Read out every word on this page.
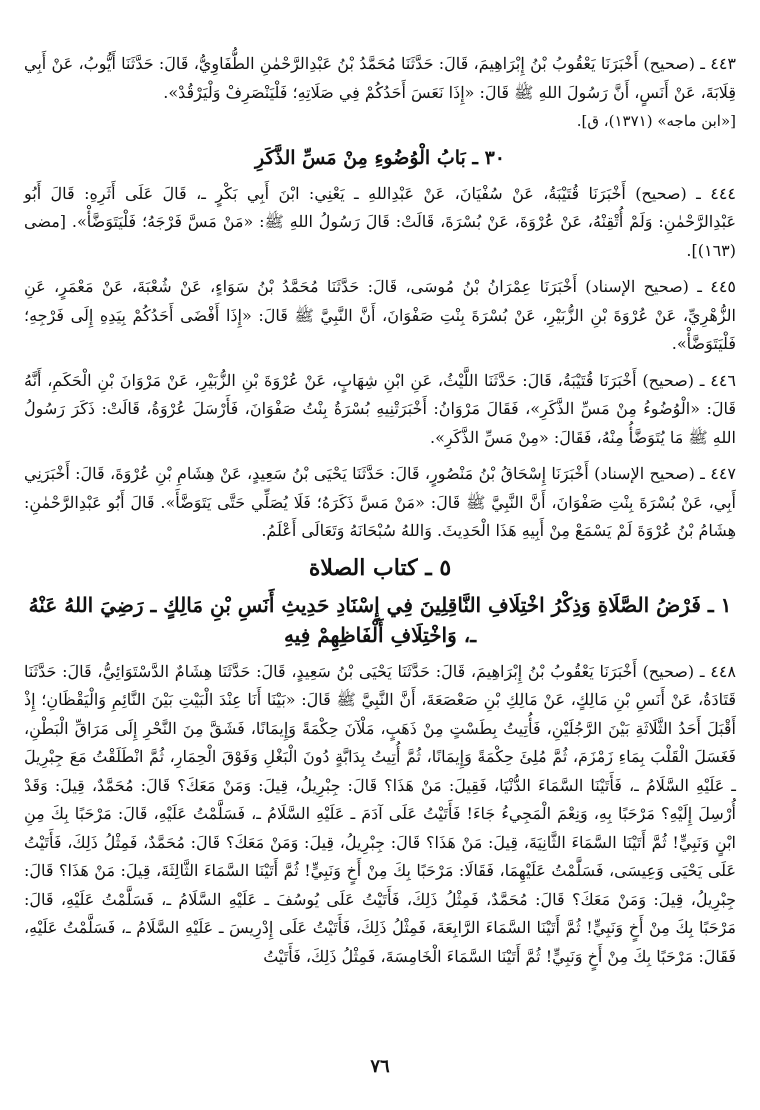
٤٤٣ ـ (صحيح) أَخْبَرَنَا يَعْقُوبُ بْنُ إِبْرَاهِيمَ، قَالَ: حَدَّثَنَا مُحَمَّدُ بْنُ عَبْدِالرَّحْمٰنِ الطُّفَاوِيُّ، قَالَ: حَدَّثَنَا أَيُّوبُ، عَنْ أَبِي قِلَابَةَ، عَنْ أَنَسٍ، أَنَّ رَسُولَ اللهِ ﷺ قَالَ: «إِذَا نَعَسَ أَحَدُكُمْ فِي صَلَاتِهِ؛ فَلْيَنْصَرِفْ وَلْيَرْقُدْ».
[«ابن ماجه» (١٣٧١)، ق].

٣٠ ـ بَابُ الْوُضُوءِ مِنْ مَسِّ الذَّكَرِ

٤٤٤ ـ (صحيح) أَخْبَرَنَا قُتَيْبَةُ، عَنْ سُفْيَانَ، عَنْ عَبْدِاللهِ ـ يَعْنِي: ابْنَ أَبِي بَكْرٍ ـ، قَالَ عَلَى أَثَرِهِ: قَالَ أَبُو عَبْدِالرَّحْمٰنِ: وَلَمْ أُتْقِنْهُ، عَنْ عُرْوَةَ، عَنْ بُسْرَةَ، قَالَتْ: قَالَ رَسُولُ اللهِ ﷺ: «مَنْ مَسَّ فَرْجَهُ؛ فَلْيَتَوَضَّأْ». [مضى (١٦٣)].

٤٤٥ ـ (صحيح الإسناد) أَخْبَرَنَا عِمْرَانُ بْنُ مُوسَى، قَالَ: حَدَّثَنَا مُحَمَّدُ بْنُ سَوَاءٍ، عَنْ شُعْبَةَ، عَنْ مَعْمَرٍ، عَنِ الزُّهْرِيِّ، عَنْ عُرْوَةَ بْنِ الزُّبَيْرِ، عَنْ بُسْرَةَ بِنْتِ صَفْوَانَ، أَنَّ النَّبِيَّ ﷺ قَالَ: «إِذَا أَفْضَى أَحَدُكُمْ بِيَدِهِ إِلَى فَرْجِهِ؛ فَلْيَتَوَضَّأْ».

٤٤٦ ـ (صحيح) أَخْبَرَنَا قُتَيْبَةُ، قَالَ: حَدَّثَنَا اللَّيْثُ، عَنِ ابْنِ شِهَابٍ، عَنْ عُرْوَةَ بْنِ الزُّبَيْرِ، عَنْ مَرْوَانَ بْنِ الْحَكَمِ، أَنَّهُ قَالَ: «الْوُضُوءُ مِنْ مَسِّ الذَّكَرِ»، فَقَالَ مَرْوَانُ: أَخْبَرَتْنِيهِ بُسْرَةُ بِنْتُ صَفْوَانَ، فَأَرْسَلَ عُرْوَةُ، قَالَتْ: ذَكَرَ رَسُولُ اللهِ ﷺ مَا يُتَوَضَّأُ مِنْهُ، فَقَالَ: «مِنْ مَسِّ الذَّكَرِ».

٤٤٧ ـ (صحيح الإسناد) أَخْبَرَنَا إِسْحَاقُ بْنُ مَنْصُورٍ، قَالَ: حَدَّثَنَا يَحْيَى بْنُ سَعِيدٍ، عَنْ هِشَامِ بْنِ عُرْوَةَ، قَالَ: أَخْبَرَنِي أَبِي، عَنْ بُسْرَةَ بِنْتِ صَفْوَانَ، أَنَّ النَّبِيَّ ﷺ قَالَ: «مَنْ مَسَّ ذَكَرَهُ؛ فَلَا يُصَلِّي حَتَّى يَتَوَضَّأَ». قَالَ أَبُو عَبْدِالرَّحْمٰنِ: هِشَامُ بْنُ عُرْوَةَ لَمْ يَسْمَعْ مِنْ أَبِيهِ هَذَا الْحَدِيثَ. وَاللهُ سُبْحَانَهُ وَتَعَالَى أَعْلَمُ.

٥ ـ كتاب الصلاة
١ ـ فَرْضُ الصَّلَاةِ وَذِكْرُ اخْتِلَافِ النَّاقِلِينَ فِي إِسْنَادِ حَدِيثِ أَنَسِ بْنِ مَالِكٍ ـ رَضِيَ اللهُ عَنْهُ ـ، وَاخْتِلَافِ أَلْفَاظِهِمْ فِيهِ

٤٤٨ ـ (صحيح) أَخْبَرَنَا يَعْقُوبُ بْنُ إِبْرَاهِيمَ، قَالَ: حَدَّثَنَا يَحْيَى بْنُ سَعِيدٍ، قَالَ: حَدَّثَنَا هِشَامٌ الدَّسْتَوَائِيُّ، قَالَ: حَدَّثَنَا قَتَادَةُ، عَنْ أَنَسِ بْنِ مَالِكٍ، عَنْ مَالِكِ بْنِ صَعْصَعَةَ، أَنَّ النَّبِيَّ ﷺ قَالَ: «بَيْنَا أَنَا عِنْدَ الْبَيْتِ بَيْنَ النَّائِمِ وَالْيَقْظَانِ؛ إِذْ أَقْبَلَ أَحَدُ الثَّلَاثَةِ بَيْنَ الرَّجُلَيْنِ، فَأُتِيتُ بِطَسْتٍ مِنْ ذَهَبٍ، مَلْآنَ حِكْمَةً وَإِيمَانًا، فَشَقَّ مِنَ النَّحْرِ إِلَى مَرَاقِّ الْبَطْنِ، فَغَسَلَ الْقَلْبَ بِمَاءِ زَمْزَمَ، ثُمَّ مُلِئَ حِكْمَةً وَإِيمَانًا، ثُمَّ أُتِيتُ بِدَابَّةٍ دُونَ الْبَغْلِ وَفَوْقَ الْحِمَارِ، ثُمَّ انْطَلَقْتُ مَعَ جِبْرِيلَ ـ عَلَيْهِ السَّلَامُ ـ، فَأَتَيْنَا السَّمَاءَ الدُّنْيَا، فَقِيلَ: مَنْ هَذَا؟ قَالَ: جِبْرِيلُ، قِيلَ: وَمَنْ مَعَكَ؟ قَالَ: مُحَمَّدٌ، قِيلَ: وَقَدْ أُرْسِلَ إِلَيْهِ؟ مَرْحَبًا بِهِ، وَنِعْمَ الْمَجِيءُ جَاءَ! فَأَتَيْتُ عَلَى آدَمَ ـ عَلَيْهِ السَّلَامُ ـ، فَسَلَّمْتُ عَلَيْهِ، قَالَ: مَرْحَبًا بِكَ مِنِ ابْنٍ وَنَبِيٍّ! ثُمَّ أَتَيْنَا السَّمَاءَ الثَّانِيَةَ، قِيلَ: مَنْ هَذَا؟ قَالَ: جِبْرِيلُ، قِيلَ: وَمَنْ مَعَكَ؟ قَالَ: مُحَمَّدٌ، فَمِثْلُ ذَلِكَ، فَأَتَيْتُ عَلَى يَحْيَى وَعِيسَى، فَسَلَّمْتُ عَلَيْهِمَا، فَقَالَا: مَرْحَبًا بِكَ مِنْ أَخٍ وَنَبِيٍّ! ثُمَّ أَتَيْنَا السَّمَاءَ الثَّالِثَةَ، قِيلَ: مَنْ هَذَا؟ قَالَ: جِبْرِيلُ، قِيلَ: وَمَنْ مَعَكَ؟ قَالَ: مُحَمَّدٌ، فَمِثْلُ ذَلِكَ، فَأَتَيْتُ عَلَى يُوسُفَ ـ عَلَيْهِ السَّلَامُ ـ، فَسَلَّمْتُ عَلَيْهِ، قَالَ: مَرْحَبًا بِكَ مِنْ أَخٍ وَنَبِيٍّ! ثُمَّ أَتَيْنَا السَّمَاءَ الرَّابِعَةَ، فَمِثْلُ ذَلِكَ، فَأَتَيْتُ عَلَى إِدْرِيسَ ـ عَلَيْهِ السَّلَامُ ـ، فَسَلَّمْتُ عَلَيْهِ، فَقَالَ: مَرْحَبًا بِكَ مِنْ أَخٍ وَنَبِيٍّ! ثُمَّ أَتَيْنَا السَّمَاءَ الْخَامِسَةَ، فَمِثْلُ ذَلِكَ، فَأَتَيْتُ

٧٦
